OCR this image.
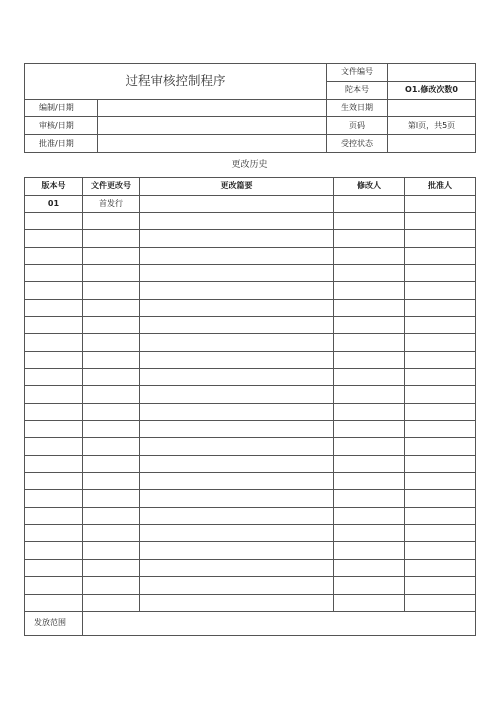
过程审核控制程序		文件编号	
		陀本号	O1.修改次数0
编制/日期		生效日期	
审核/日期		页码	第l页，共5页
批准/日期		受控状态	
更改历史
版本号	文件更改号	更改篇要	修改人	批准人
01	首发行			

发放范围				
